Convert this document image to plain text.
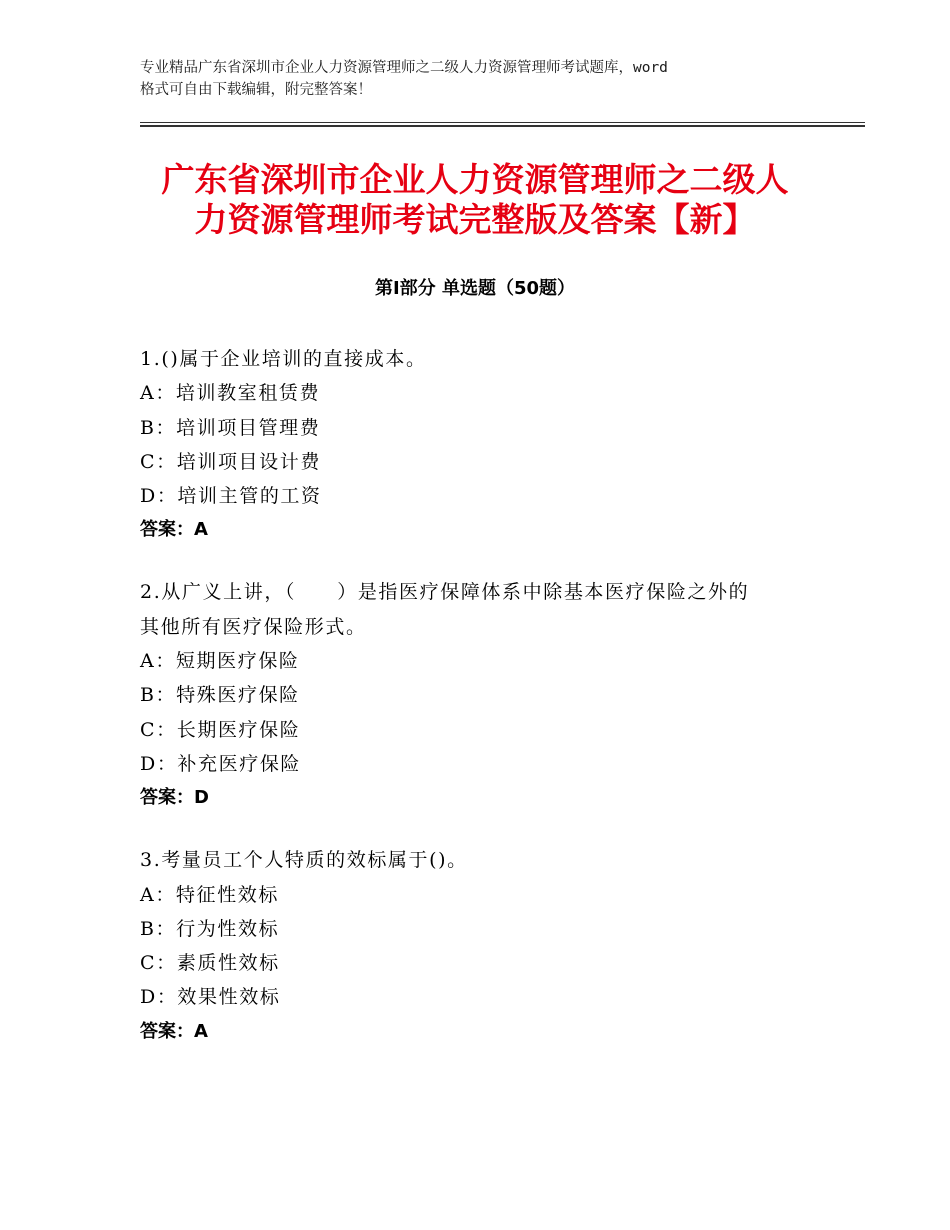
专业精品广东省深圳市企业人力资源管理师之二级人力资源管理师考试题库，word
格式可自由下载编辑，附完整答案！
广东省深圳市企业人力资源管理师之二级人
力资源管理师考试完整版及答案【新】
第Ⅰ部分 单选题（50题）
1.()属于企业培训的直接成本。
A：培训教室租赁费
B：培训项目管理费
C：培训项目设计费
D：培训主管的工资
答案：A
2.从广义上讲，（　　）是指医疗保障体系中除基本医疗保险之外的
其他所有医疗保险形式。
A：短期医疗保险
B：特殊医疗保险
C：长期医疗保险
D：补充医疗保险
答案：D
3.考量员工个人特质的效标属于()。
A：特征性效标
B：行为性效标
C：素质性效标
D：效果性效标
答案：A
